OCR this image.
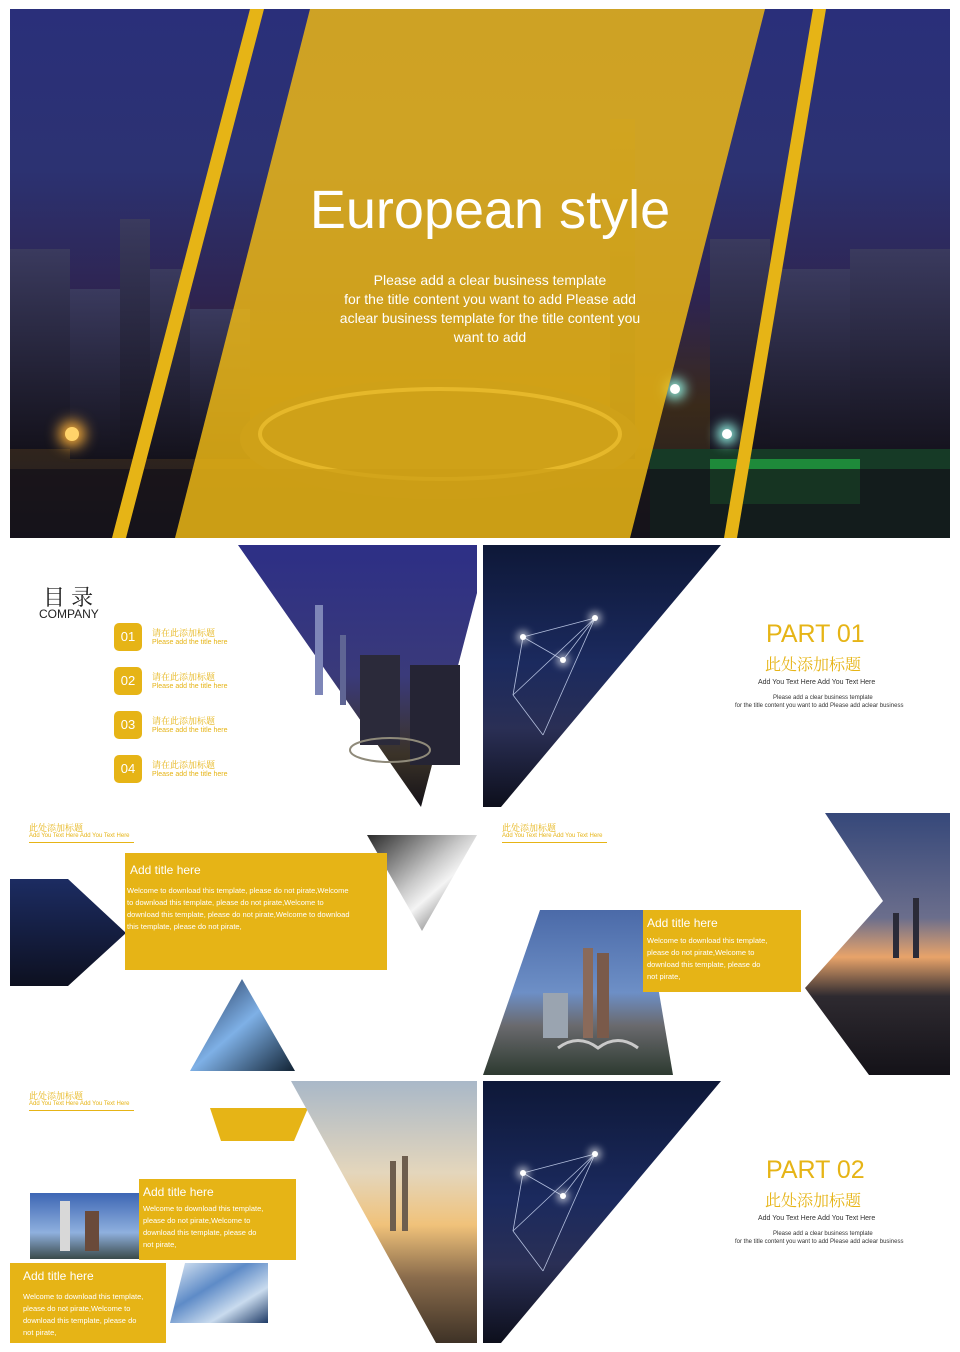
European style
Please add a clear business template
for the title content you want to add Please add
aclear business template for the title content you
want to add
目 录
COMPANY
01	请在此添加标题
Please add the title here
02	请在此添加标题
Please add the title here
03	请在此添加标题
Please add the title here
04	请在此添加标题
Please add the title here
PART 01
此处添加标题
Add You Text Here Add You Text Here
Please add a clear business template
for the title content you want to add Please add aclear business
此处添加标题
Add You Text Here Add You Text Here
Add title here
Welcome to download this template, please do not pirate,Welcome
to download this template, please do not pirate,Welcome to
download this template, please do not pirate,Welcome to download
this template, please do not pirate,
此处添加标题
Add You Text Here Add You Text Here
Add title here
Welcome to download this template,
please do not pirate,Welcome to
download this template, please do
not pirate,
此处添加标题
Add You Text Here Add You Text Here
Add title here
Welcome to download this template,
please do not pirate,Welcome to
download this template, please do
not pirate,
Add title here
Welcome to download this template,
please do not pirate,Welcome to
download this template, please do
not pirate,
PART 02
此处添加标题
Add You Text Here Add You Text Here
Please add a clear business template
for the title content you want to add Please add aclear business
